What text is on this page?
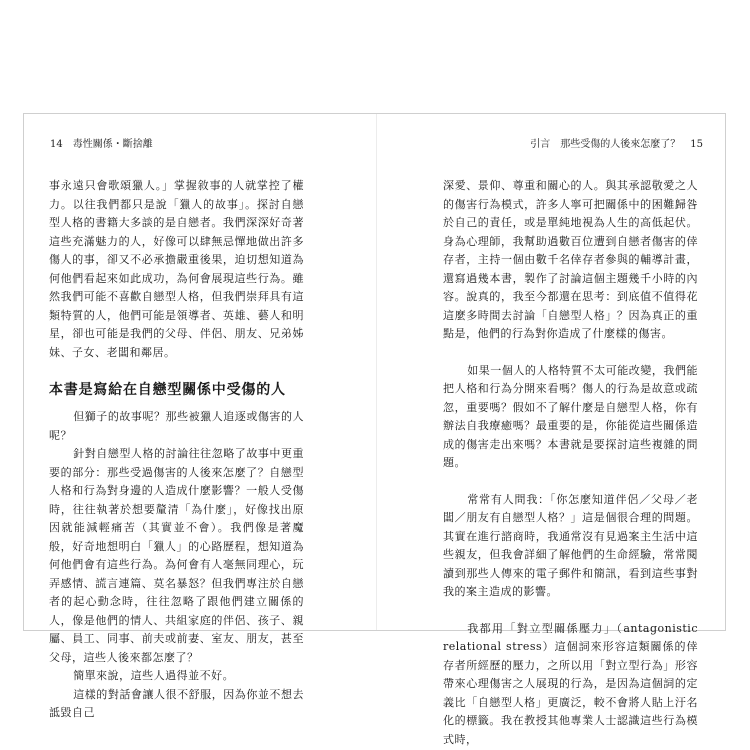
14 毒性關係・斷捨離	引言　那些受傷的人後來怎麼了？ 15

事永遠只會歌頌獵人。」掌握敘事的人就掌控了權力。以往我們都只是說「獵人的故事」。探討自戀型人格的書籍大多談的是自戀者。我們深深好奇著這些充滿魅力的人，好像可以肆無忌憚地做出許多傷人的事，卻又不必承擔嚴重後果，迫切想知道為何他們看起來如此成功，為何會展現這些行為。雖然我們可能不喜歡自戀型人格，但我們崇拜具有這類特質的人，他們可能是領導者、英雄、藝人和明星，卻也可能是我們的父母、伴侶、朋友、兄弟姊妹、子女、老闆和鄰居。

本書是寫給在自戀型關係中受傷的人

但獅子的故事呢？那些被獵人追逐或傷害的人呢？

針對自戀型人格的討論往往忽略了故事中更重要的部分：那些受過傷害的人後來怎麼了？自戀型人格和行為對身邊的人造成什麼影響？一般人受傷時，往往執著於想要釐清「為什麼」，好像找出原因就能減輕痛苦（其實並不會）。我們像是著魔般，好奇地想明白「獵人」的心路歷程，想知道為何他們會有這些行為。為何會有人毫無同理心，玩弄感情、謊言連篇、莫名暴怒？但我們專注於自戀者的起心動念時，往往忽略了跟他們建立關係的人，像是他們的情人、共組家庭的伴侶、孩子、親屬、員工、同事、前夫或前妻、室友、朋友，甚至父母，這些人後來都怎麼了？

簡單來說，這些人過得並不好。

這樣的對話會讓人很不舒服，因為你並不想去詆毀自己

深愛、景仰、尊重和關心的人。與其承認敬愛之人的傷害行為模式，許多人寧可把關係中的困難歸咎於自己的責任，或是單純地視為人生的高低起伏。身為心理師，我幫助過數百位遭到自戀者傷害的倖存者，主持一個由數千名倖存者參與的輔導計畫，還寫過幾本書，製作了討論這個主題幾千小時的內容。說真的，我至今都還在思考：到底值不值得花這麼多時間去討論「自戀型人格」？因為真正的重點是，他們的行為對你造成了什麼樣的傷害。

如果一個人的人格特質不太可能改變，我們能把人格和行為分開來看嗎？傷人的行為是故意或疏忽，重要嗎？假如不了解什麼是自戀型人格，你有辦法自我療癒嗎？最重要的是，你能從這些關係造成的傷害走出來嗎？本書就是要探討這些複雜的問題。

常常有人問我：「你怎麼知道伴侶／父母／老闆／朋友有自戀型人格？」這是個很合理的問題。其實在進行諮商時，我通常沒有見過案主生活中這些親友，但我會詳細了解他們的生命經驗，常常閱讀到那些人傳來的電子郵件和簡訊，看到這些事對我的案主造成的影響。

我都用「對立型關係壓力」（antagonistic relational stress）這個詞來形容這類關係的倖存者所經歷的壓力，之所以用「對立型行為」形容帶來心理傷害之人展現的行為，是因為這個詞的定義比「自戀型人格」更廣泛，較不會將人貼上汙名化的標籤。我在教授其他專業人士認識這些行為模式時，
